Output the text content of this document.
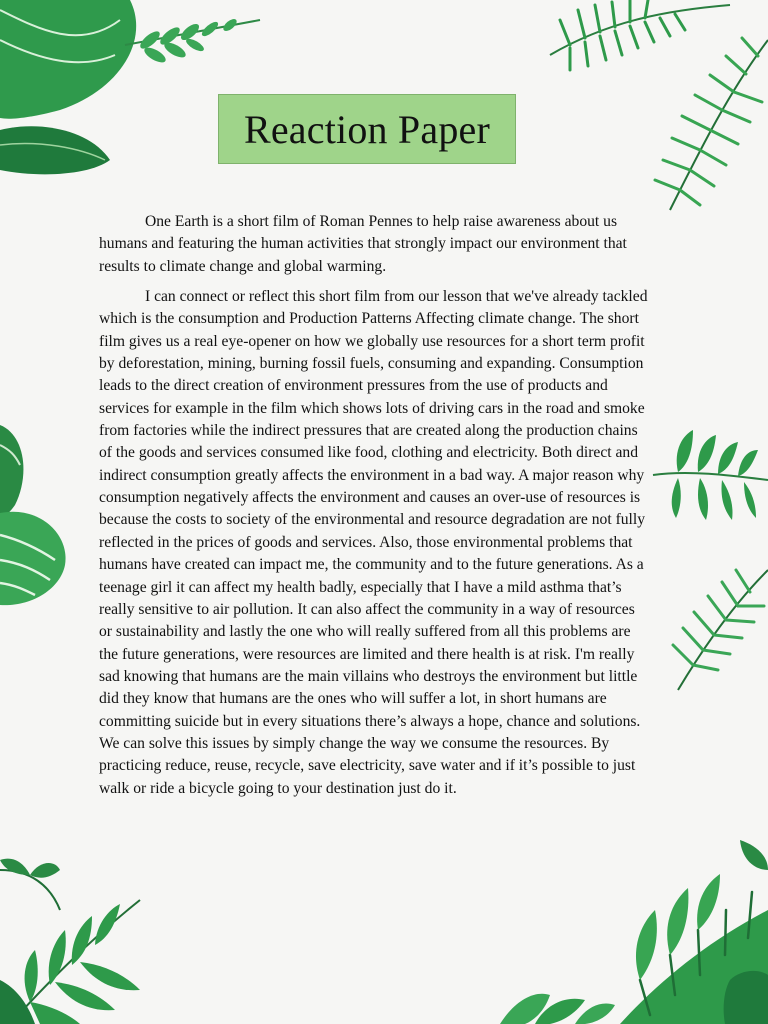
Reaction Paper

One Earth is a short film of Roman Pennes to help raise awareness about us humans and featuring the human activities that strongly impact our environment that results to climate change and global warming.

I can connect or reflect this short film from our lesson that we've already tackled which is the consumption and Production Patterns Affecting climate change. The short film gives us a real eye-opener on how we globally use resources for a short term profit by deforestation, mining, burning fossil fuels, consuming and expanding. Consumption leads to the direct creation of environment pressures from the use of products and services for example in the film which shows lots of driving cars in the road and smoke from factories while the indirect pressures that are created along the production chains of the goods and services consumed like food, clothing and electricity. Both direct and indirect consumption greatly affects the environment in a bad way. A major reason why consumption negatively affects the environment and causes an over-use of resources is because the costs to society of the environmental and resource degradation are not fully reflected in the prices of goods and services. Also, those environmental problems that humans have created can impact me, the community and to the future generations. As a teenage girl it can affect my health badly, especially that I have a mild asthma that’s really sensitive to air pollution. It can also affect the community in a way of resources or sustainability and lastly the one who will really suffered from all this problems are the future generations, were resources are limited and there health is at risk. I'm really sad knowing that humans are the main villains who destroys the environment but little did they know that humans are the ones who will suffer a lot, in short humans are committing suicide but in every situations there’s always a hope, chance and solutions. We can solve this issues by simply change the way we consume the resources. By practicing reduce, reuse, recycle, save electricity, save water and if it’s possible to just walk or ride a bicycle going to your destination just do it.
